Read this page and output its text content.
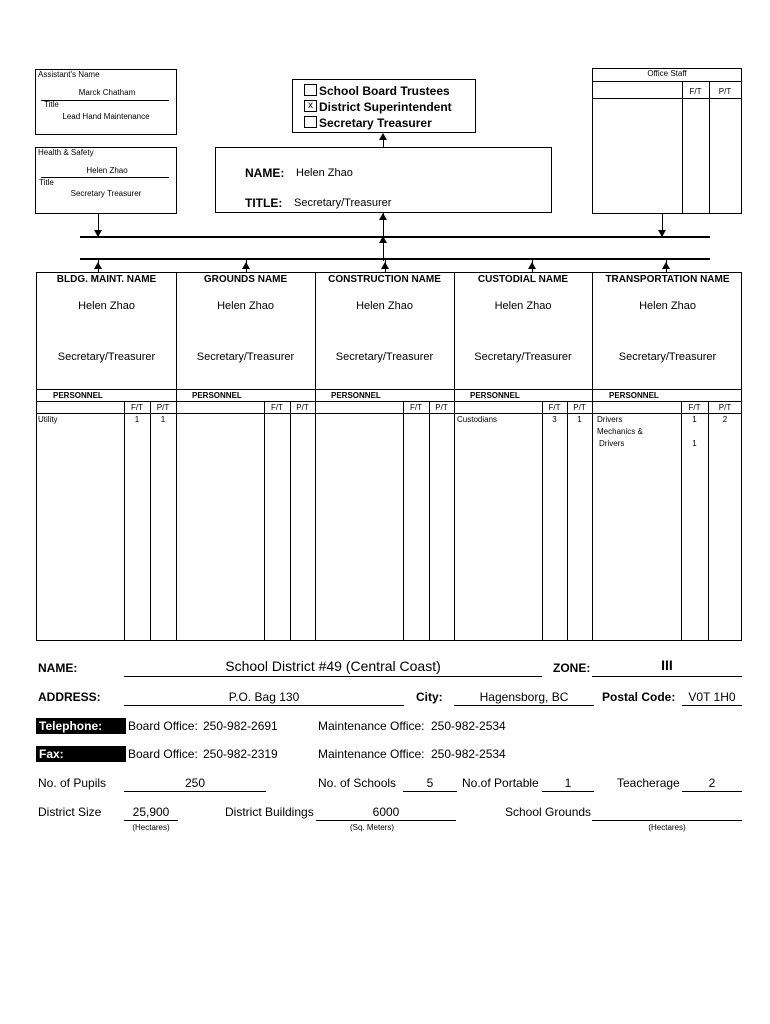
Assistant's Name
Marck Chatham
Title
Lead Hand Maintenance
Health & Safety
Helen Zhao
Title
Secretary Treasurer
School Board Trustees
x District Superintendent
Secretary Treasurer
NAME: Helen Zhao
TITLE: Secretary/Treasurer
Office Staff
F/T	P/T
BLDG. MAINT. NAME
Helen Zhao
Secretary/Treasurer
PERSONNEL
F/T	P/T
Utility	1	1
GROUNDS NAME
Helen Zhao
Secretary/Treasurer
PERSONNEL
F/T	P/T
CONSTRUCTION NAME
Helen Zhao
Secretary/Treasurer
PERSONNEL
F/T	P/T
CUSTODIAL NAME
Helen Zhao
Secretary/Treasurer
PERSONNEL
F/T	P/T
Custodians	3	1
TRANSPORTATION NAME
Helen Zhao
Secretary/Treasurer
PERSONNEL
F/T	P/T
Drivers	1	2
Mechanics &
Drivers	1
NAME:	School District #49 (Central Coast)	ZONE:	III
ADDRESS:	P.O. Bag 130	City:	Hagensborg, BC	Postal Code:	V0T 1H0
Telephone:	Board Office: 250-982-2691	Maintenance Office: 250-982-2534
Fax:	Board Office: 250-982-2319	Maintenance Office: 250-982-2534
No. of Pupils	250	No. of Schools	5	No.of Portable	1	Teacherage	2
District Size	25,900
(Hectares)
District Buildings	6000
(Sq. Meters)
School Grounds
(Hectares)
